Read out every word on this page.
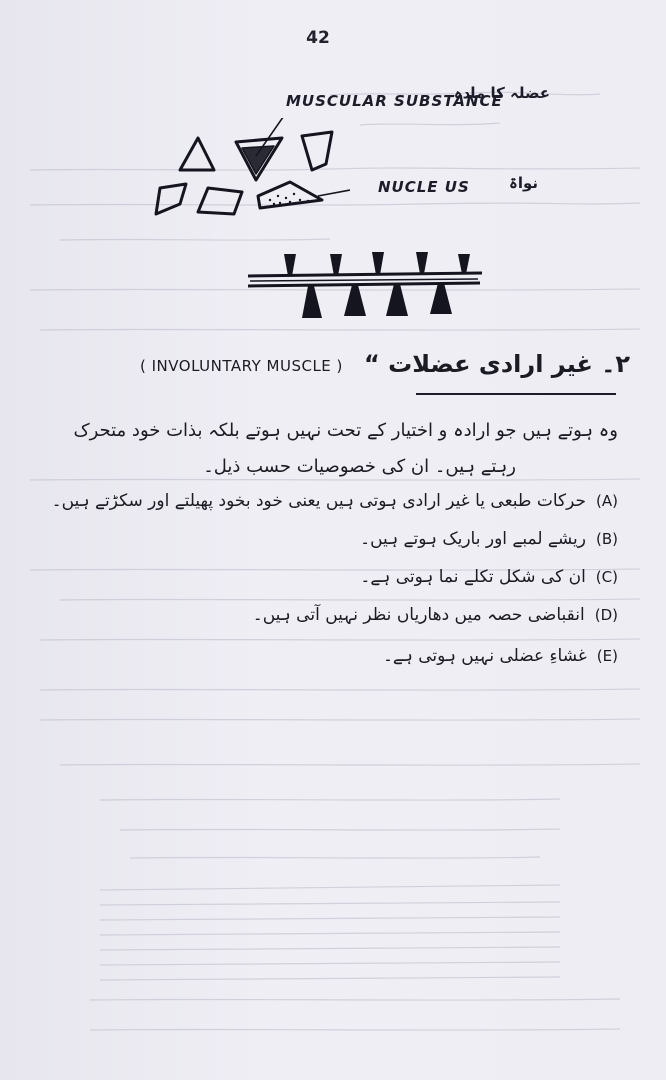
42
عضلہ کا مادہ
MUSCULAR SUBSTANCE
نواۃ
NUCLE US
۲۔ غیر ارادی عضلات “
( INVOLUNTARY MUSCLE )
وہ ہوتے ہیں جو ارادہ و اختیار کے تحت نہیں ہوتے بلکہ بذات خود متحرک
رہتے ہیں۔ ان کی خصوصیات حسب ذیل۔
(A)حرکات طبعی یا غیر ارادی ہوتی ہیں یعنی خود بخود پھیلتے اور سکڑتے ہیں۔
(B)ریشے لمبے اور باریک ہوتے ہیں۔
(C)ان کی شکل تکلے نما ہوتی ہے۔
(D)انقباضی حصہ میں دھاریاں نظر نہیں آتی ہیں۔
(E)غشاءِ عضلی نہیں ہوتی ہے۔
